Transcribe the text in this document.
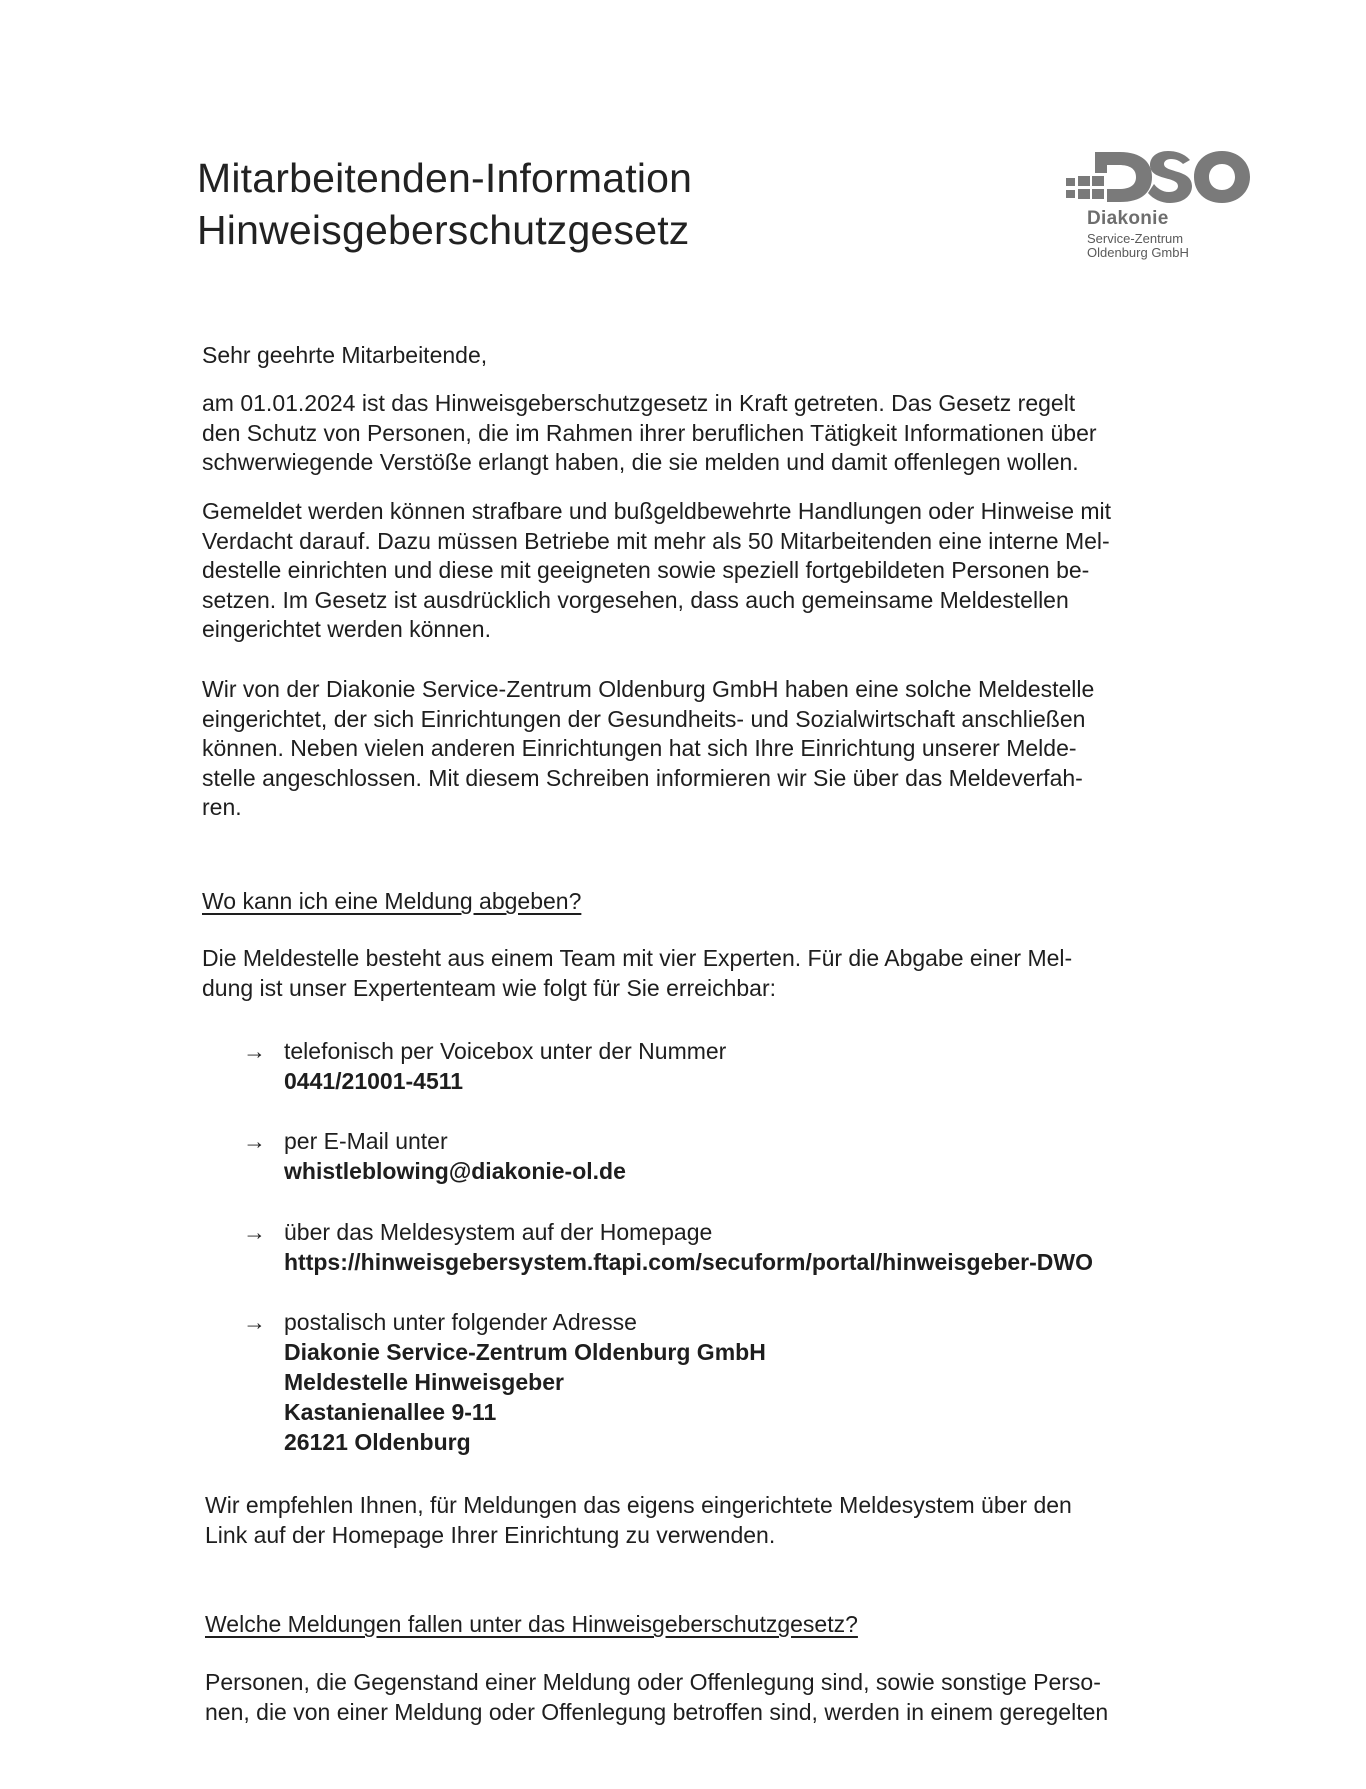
Mitarbeitenden-Information
Hinweisgeberschutzgesetz	Diakonie
Service-Zentrum
Oldenburg GmbH
Sehr geehrte Mitarbeitende,
am 01.01.2024 ist das Hinweisgeberschutzgesetz in Kraft getreten. Das Gesetz regelt
den Schutz von Personen, die im Rahmen ihrer beruflichen Tätigkeit Informationen über
schwerwiegende Verstöße erlangt haben, die sie melden und damit offenlegen wollen.
Gemeldet werden können strafbare und bußgeldbewehrte Handlungen oder Hinweise mit
Verdacht darauf. Dazu müssen Betriebe mit mehr als 50 Mitarbeitenden eine interne Mel-
destelle einrichten und diese mit geeigneten sowie speziell fortgebildeten Personen be-
setzen. Im Gesetz ist ausdrücklich vorgesehen, dass auch gemeinsame Meldestellen
eingerichtet werden können.
Wir von der Diakonie Service-Zentrum Oldenburg GmbH haben eine solche Meldestelle
eingerichtet, der sich Einrichtungen der Gesundheits- und Sozialwirtschaft anschließen
können. Neben vielen anderen Einrichtungen hat sich Ihre Einrichtung unserer Melde-
stelle angeschlossen. Mit diesem Schreiben informieren wir Sie über das Meldeverfah-
ren.
Wo kann ich eine Meldung abgeben?
Die Meldestelle besteht aus einem Team mit vier Experten. Für die Abgabe einer Mel-
dung ist unser Expertenteam wie folgt für Sie erreichbar:
→ telefonisch per Voicebox unter der Nummer
0441/21001-4511
→ per E-Mail unter
whistleblowing@diakonie-ol.de
→ über das Meldesystem auf der Homepage
https://hinweisgebersystem.ftapi.com/secuform/portal/hinweisgeber-DWO
→ postalisch unter folgender Adresse
Diakonie Service-Zentrum Oldenburg GmbH
Meldestelle Hinweisgeber
Kastanienallee 9-11
26121 Oldenburg
Wir empfehlen Ihnen, für Meldungen das eigens eingerichtete Meldesystem über den
Link auf der Homepage Ihrer Einrichtung zu verwenden.
Welche Meldungen fallen unter das Hinweisgeberschutzgesetz?
Personen, die Gegenstand einer Meldung oder Offenlegung sind, sowie sonstige Perso-
nen, die von einer Meldung oder Offenlegung betroffen sind, werden in einem geregelten
